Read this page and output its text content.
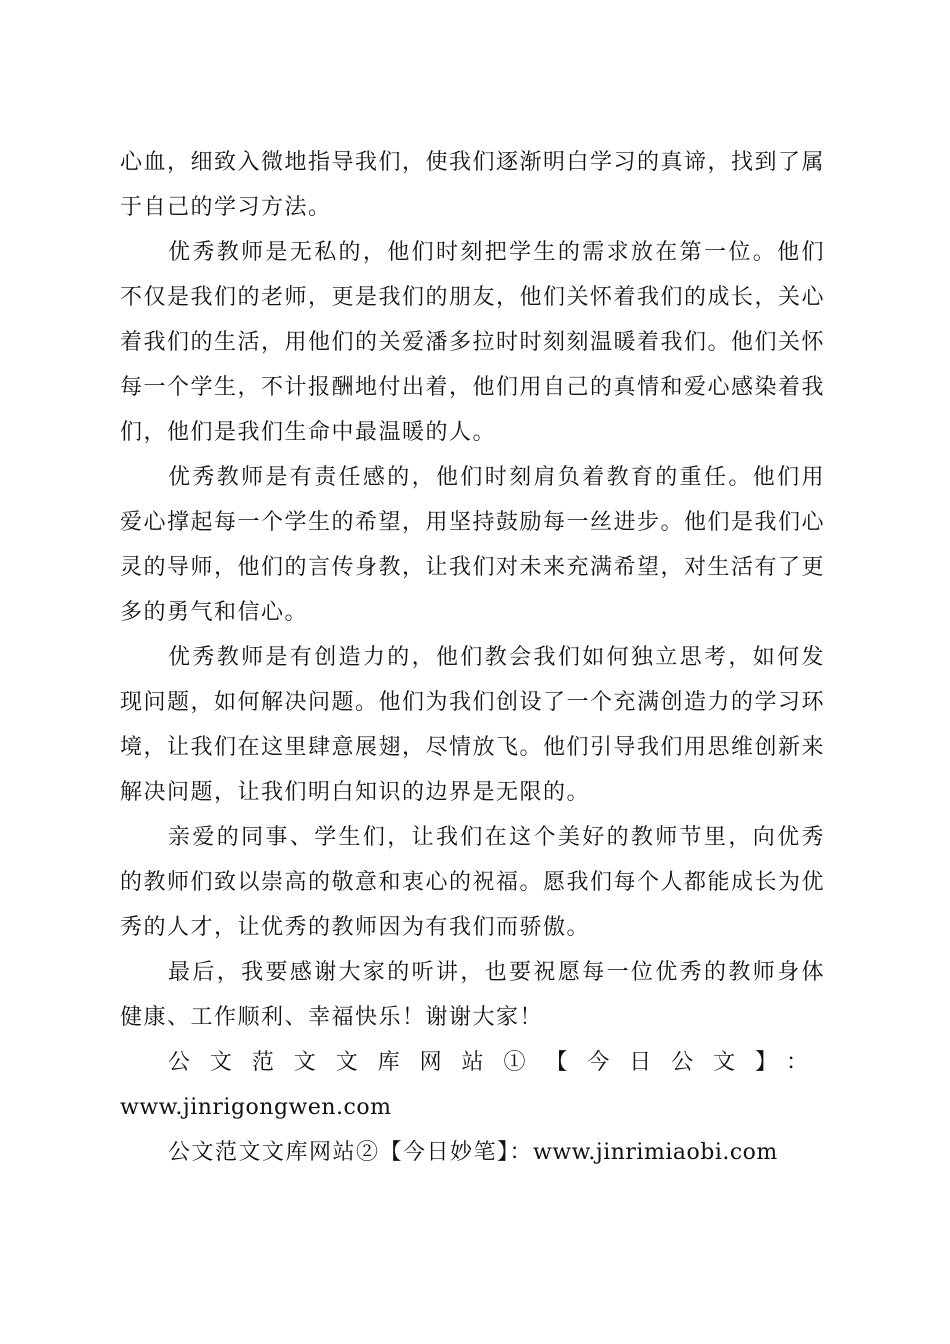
心血，细致入微地指导我们，使我们逐渐明白学习的真谛，找到了属于自己的学习方法。

优秀教师是无私的，他们时刻把学生的需求放在第一位。他们不仅是我们的老师，更是我们的朋友，他们关怀着我们的成长，关心着我们的生活，用他们的关爱潘多拉时时刻刻温暖着我们。他们关怀每一个学生，不计报酬地付出着，他们用自己的真情和爱心感染着我们，他们是我们生命中最温暖的人。

优秀教师是有责任感的，他们时刻肩负着教育的重任。他们用爱心撑起每一个学生的希望，用坚持鼓励每一丝进步。他们是我们心灵的导师，他们的言传身教，让我们对未来充满希望，对生活有了更多的勇气和信心。

优秀教师是有创造力的，他们教会我们如何独立思考，如何发现问题，如何解决问题。他们为我们创设了一个充满创造力的学习环境，让我们在这里肆意展翅，尽情放飞。他们引导我们用思维创新来解决问题，让我们明白知识的边界是无限的。

亲爱的同事、学生们，让我们在这个美好的教师节里，向优秀的教师们致以崇高的敬意和衷心的祝福。愿我们每个人都能成长为优秀的人才，让优秀的教师因为有我们而骄傲。

最后，我要感谢大家的听讲，也要祝愿每一位优秀的教师身体健康、工作顺利、幸福快乐！谢谢大家！

公文范文文库网站①【今日公文】：www.jinrigongwen.com

公文范文文库网站②【今日妙笔】：www.jinrimiaobi.com
